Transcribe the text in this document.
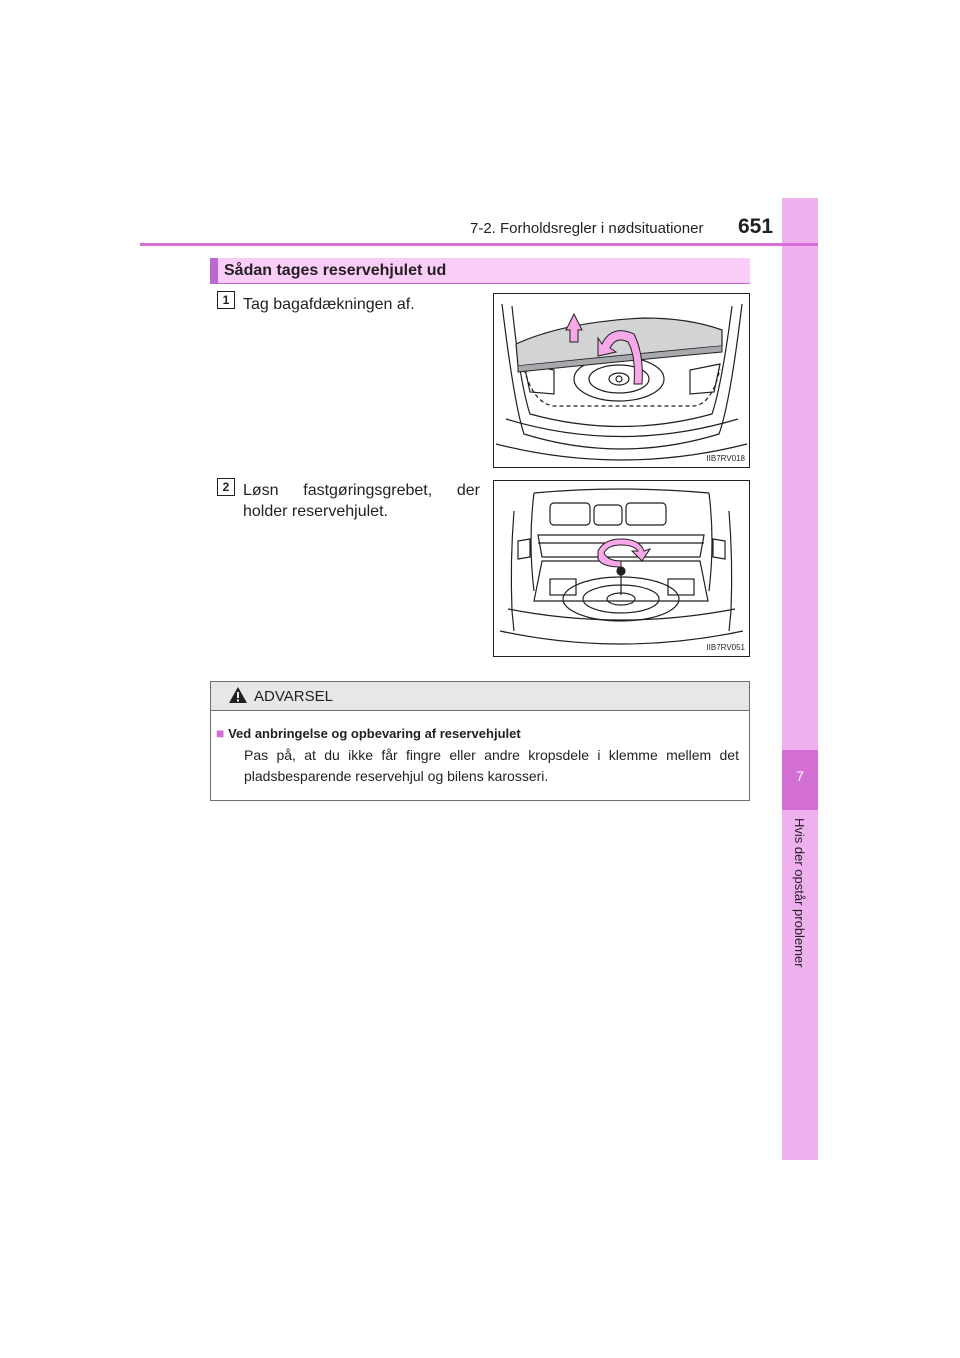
7
Hvis der opstår problemer
7-2. Forholdsregler i nødsituationer 651
Sådan tages reservehjulet ud
1 Tag bagafdækningen af.
IIB7RV018
2 Løsn fastgøringsgrebet, der
holder reservehjulet.
IIB7RV051
ADVARSEL
■ Ved anbringelse og opbevaring af reservehjulet
Pas på, at du ikke får fingre eller andre kropsdele i klemme mellem det pladsbesparende reservehjul og bilens karosseri.
